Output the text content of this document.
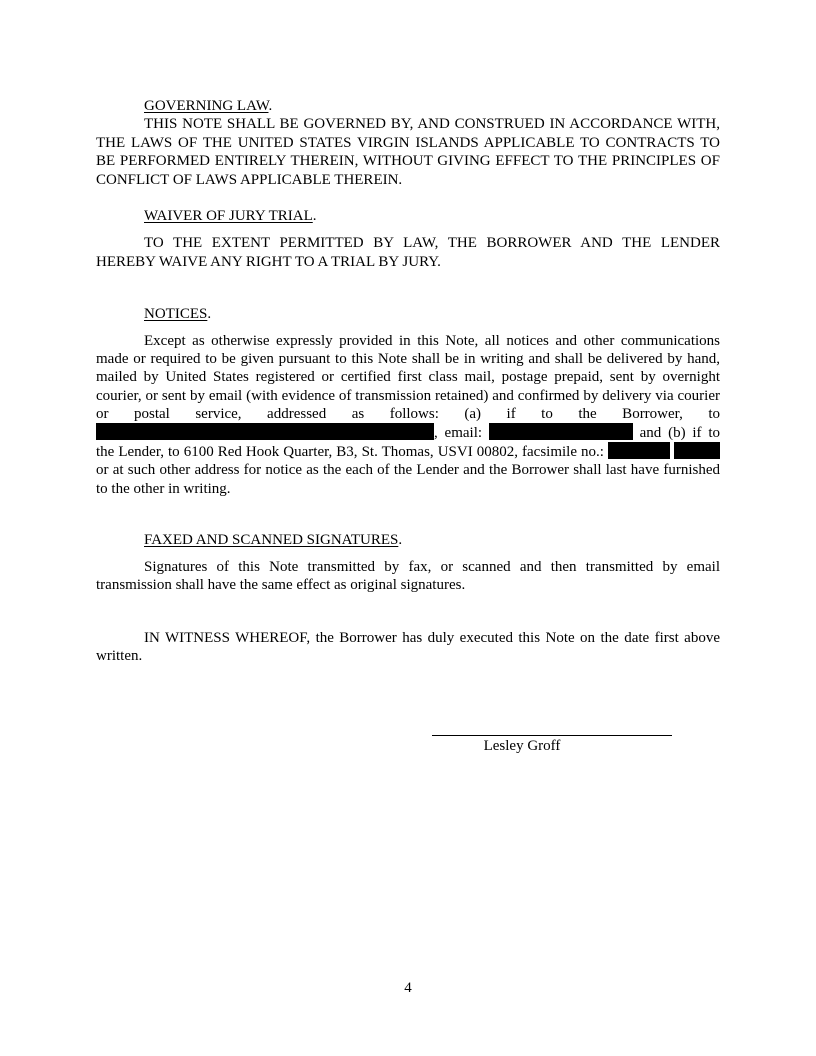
GOVERNING LAW.
THIS NOTE SHALL BE GOVERNED BY, AND CONSTRUED IN ACCORDANCE WITH, THE LAWS OF THE UNITED STATES VIRGIN ISLANDS APPLICABLE TO CONTRACTS TO BE PERFORMED ENTIRELY THEREIN, WITHOUT GIVING EFFECT TO THE PRINCIPLES OF CONFLICT OF LAWS APPLICABLE THEREIN.
WAIVER OF JURY TRIAL.
TO THE EXTENT PERMITTED BY LAW, THE BORROWER AND THE LENDER HEREBY WAIVE ANY RIGHT TO A TRIAL BY JURY.
NOTICES.
Except as otherwise expressly provided in this Note, all notices and other communications made or required to be given pursuant to this Note shall be in writing and shall be delivered by hand, mailed by United States registered or certified first class mail, postage prepaid, sent by overnight courier, or sent by email (with evidence of transmission retained) and confirmed by delivery via courier or postal service, addressed as follows: (a) if to the Borrower, to , email:	and (b) if to the Lender, to 6100 Red Hook Quarter, B3, St. Thomas, USVI 00802, facsimile no.:  or at such other address for notice as the each of the Lender and the Borrower shall last have furnished to the other in writing.
FAXED AND SCANNED SIGNATURES.
Signatures of this Note transmitted by fax, or scanned and then transmitted by email transmission shall have the same effect as original signatures.
IN WITNESS WHEREOF, the Borrower has duly executed this Note on the date first above written.
Lesley Groff
4
